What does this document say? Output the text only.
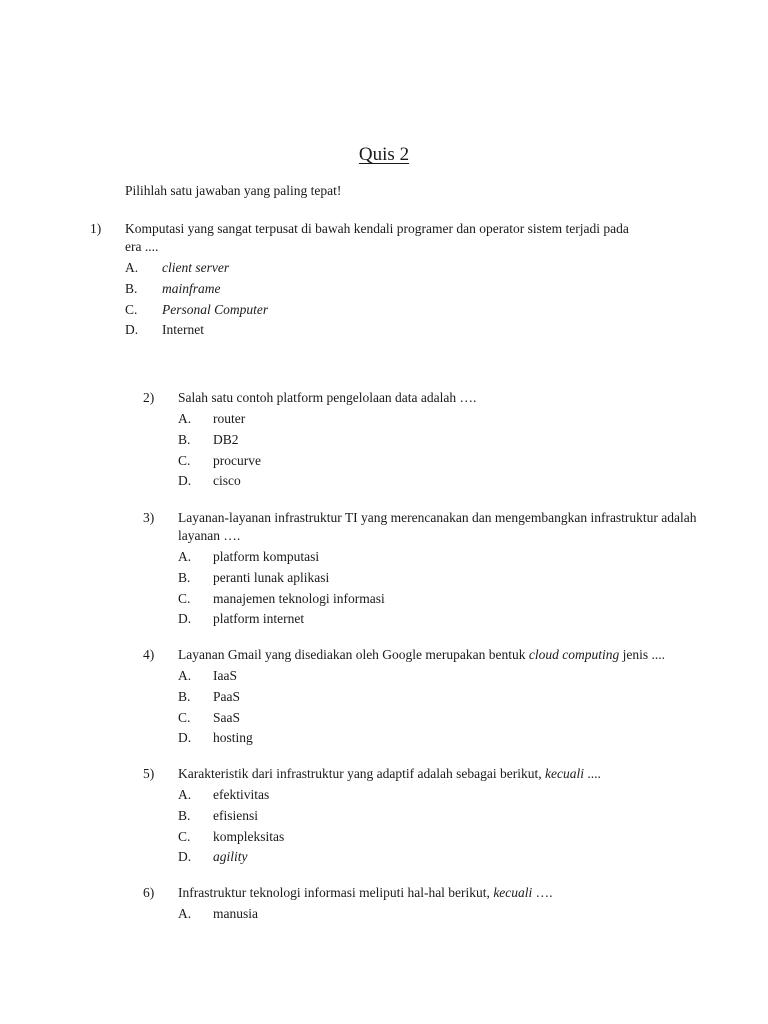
Quis 2
Pilihlah satu jawaban yang paling tepat!
1) Komputasi yang sangat terpusat di bawah kendali programer dan operator sistem terjadi pada era ....
A. client server
B. mainframe
C. Personal Computer
D. Internet
2) Salah satu contoh platform pengelolaan data adalah ….
A. router
B. DB2
C. procurve
D. cisco
3) Layanan-layanan infrastruktur TI yang merencanakan dan mengembangkan infrastruktur adalah layanan ….
A. platform komputasi
B. peranti lunak aplikasi
C. manajemen teknologi informasi
D. platform internet
4) Layanan Gmail yang disediakan oleh Google merupakan bentuk cloud computing jenis ....
A. IaaS
B. PaaS
C. SaaS
D. hosting
5) Karakteristik dari infrastruktur yang adaptif adalah sebagai berikut, kecuali ....
A. efektivitas
B. efisiensi
C. kompleksitas
D. agility
6) Infrastruktur teknologi informasi meliputi hal-hal berikut, kecuali ….
A. manusia
